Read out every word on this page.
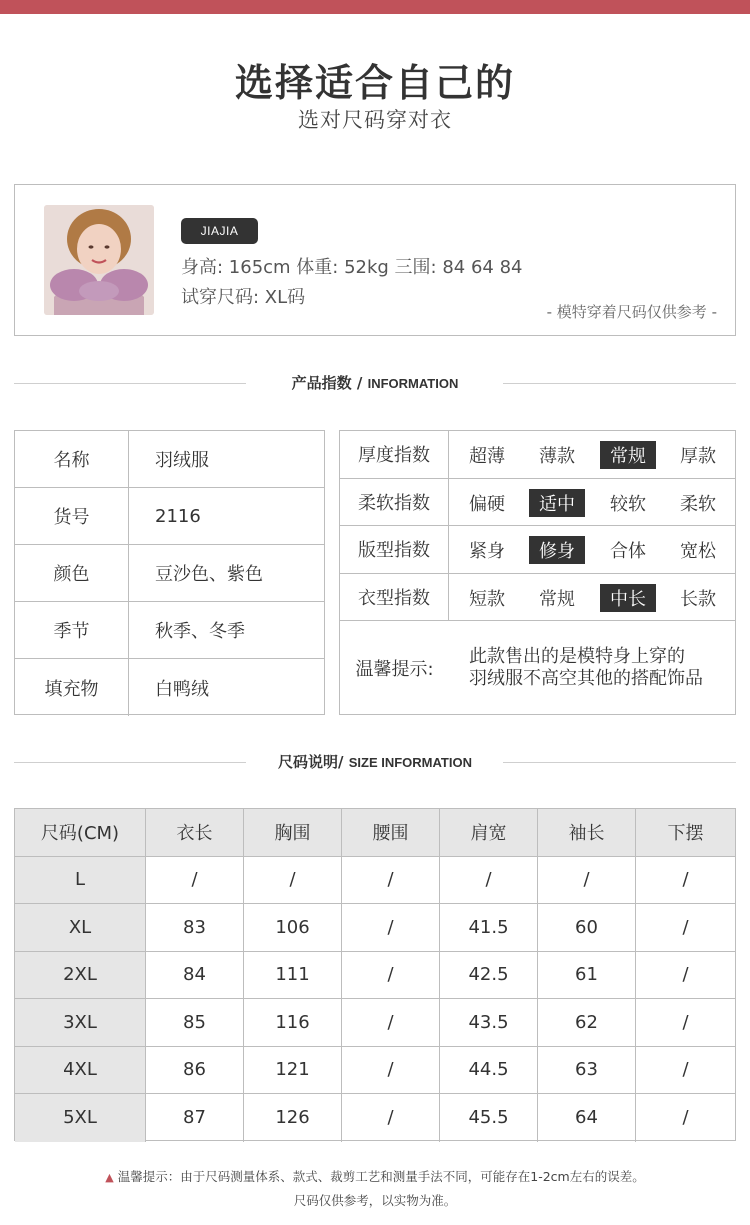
选择适合自己的
选对尺码穿对衣
JIAJIA
身高: 165cm 体重: 52kg 三围: 84 64 84
试穿尺码: XL码
- 模特穿着尺码仅供参考 -
产品指数 / INFORMATION
名称	羽绒服
货号	2116
颜色	豆沙色、紫色
季节	秋季、冬季
填充物	白鸭绒
厚度指数	超薄	薄款	常规	厚款
柔软指数	偏硬	适中	较软	柔软
版型指数	紧身	修身	合体	宽松
衣型指数	短款	常规	中长	长款
温馨提示:
此款售出的是模特身上穿的
羽绒服不高空其他的搭配饰品
尺码说明/ SIZE INFORMATION
尺码(CM)	衣长	胸围	腰围	肩宽	袖长	下摆
L	/	/	/	/	/	/
XL	83	106	/	41.5	60	/
2XL	84	111	/	42.5	61	/
3XL	85	116	/	43.5	62	/
4XL	86	121	/	44.5	63	/
5XL	87	126	/	45.5	64	/
▲ 温馨提示：由于尺码测量体系、款式、裁剪工艺和测量手法不同，可能存在1-2cm左右的误差。
尺码仅供参考，以实物为准。
